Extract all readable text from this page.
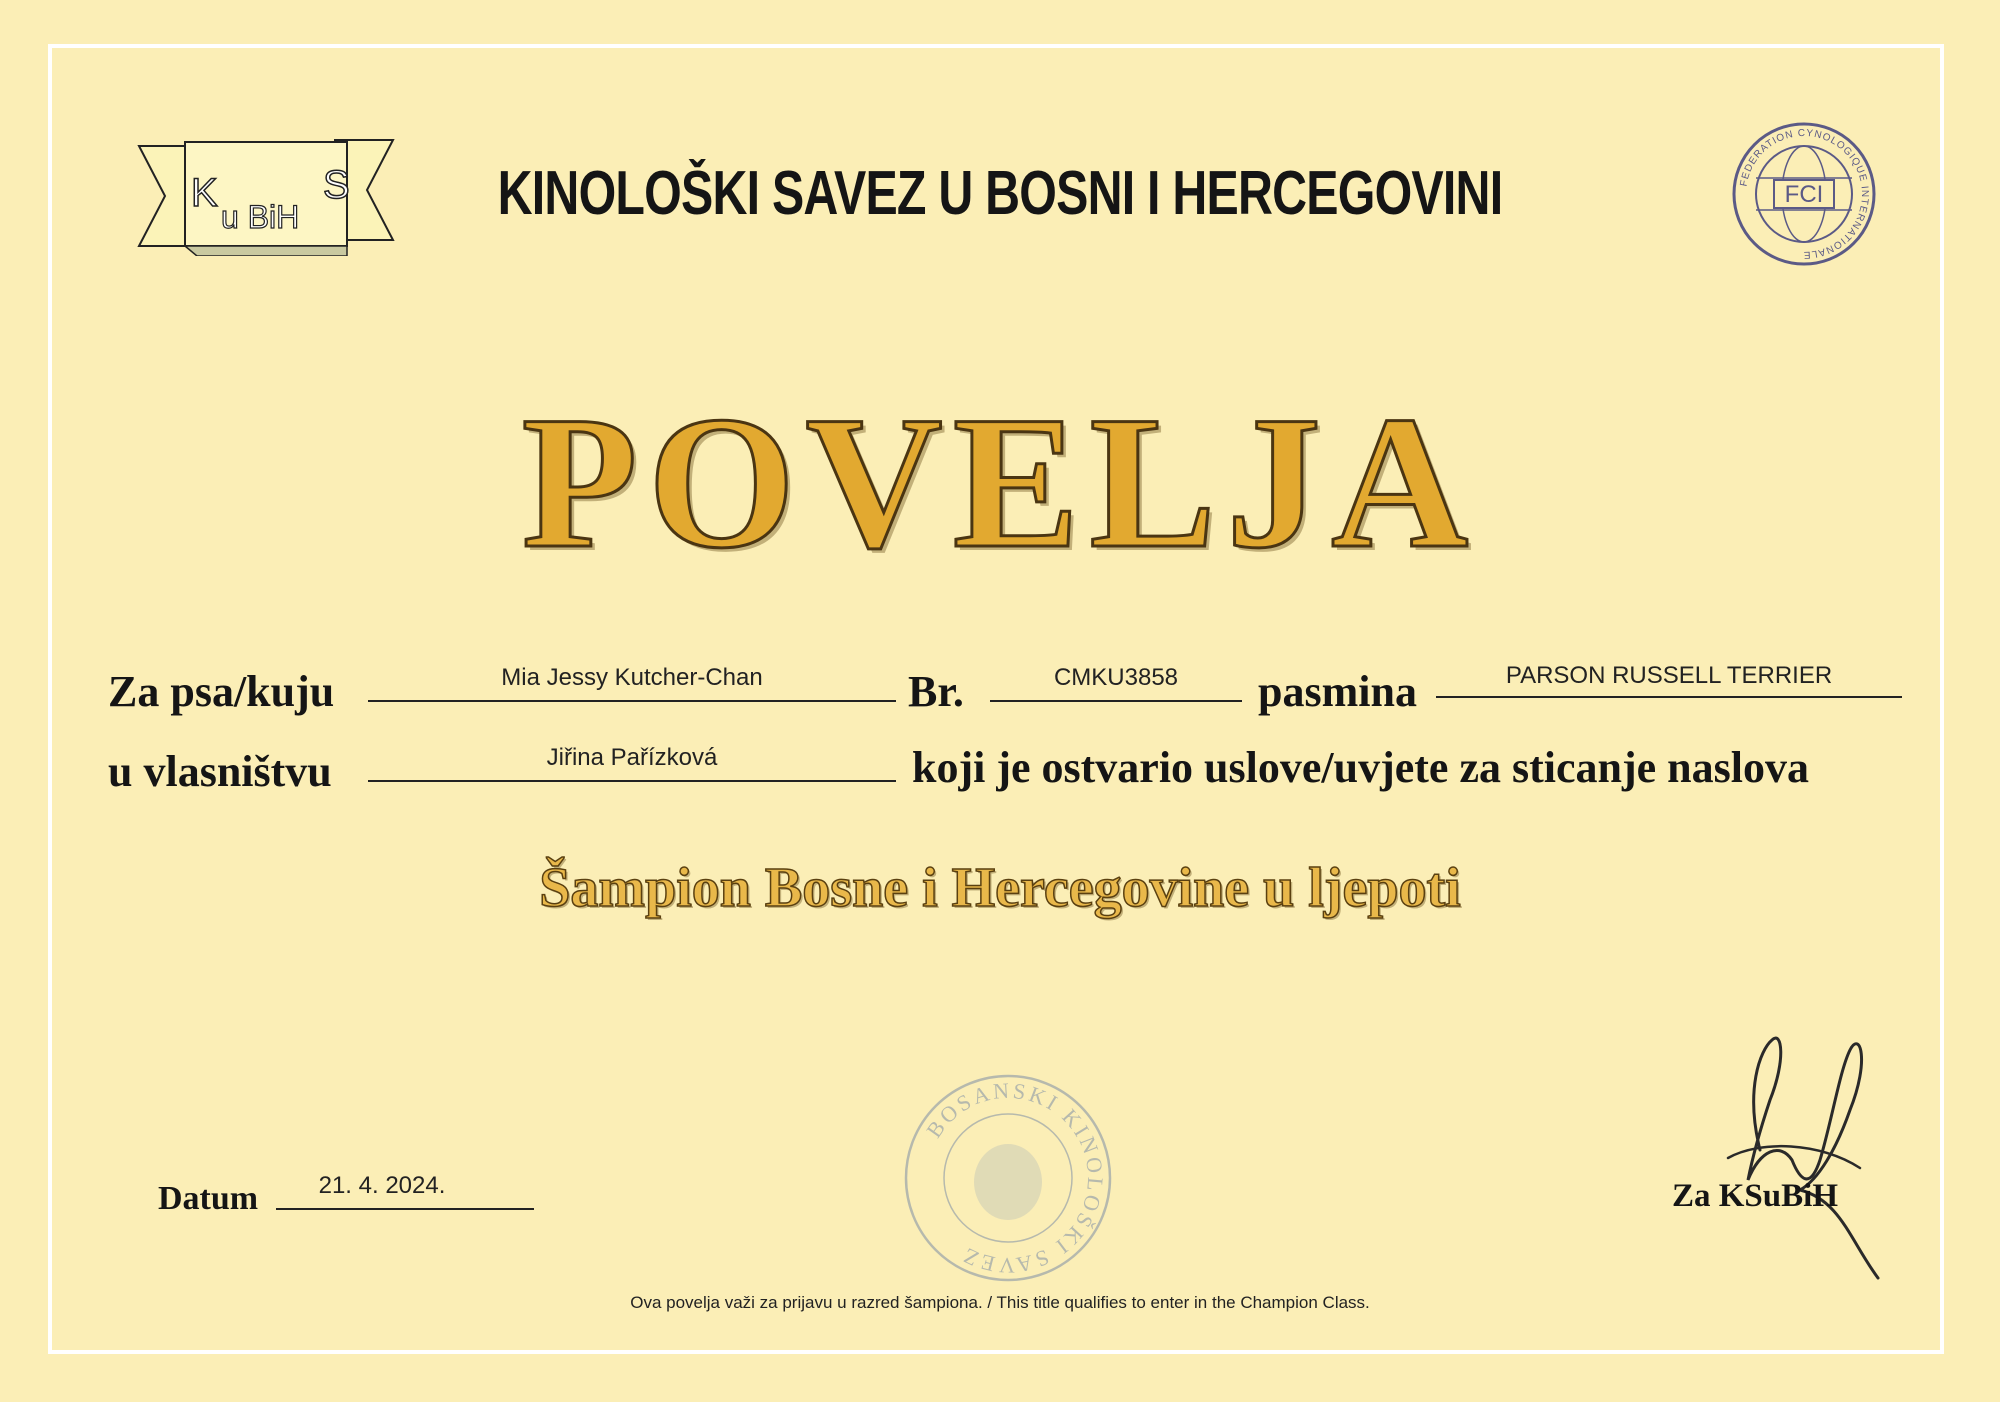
K
u BiH
S	KINOLOŠKI SAVEZ U BOSNI I HERCEGOVINI	FCI
FEDERATION CYNOLOGIQUE INTERNATIONALE
POVELJA
Za psa/kuju	Mia Jessy Kutcher-Chan	Br.	CMKU3858	pasmina	PARSON RUSSELL TERRIER
u vlasništvu	Jiřina Pařízková	koji je ostvario uslove/uvjete za sticanje naslova
Šampion Bosne i Hercegovine u ljepoti
Datum	21. 4. 2024.
BOSANSKI KINOLOŠKI SAVEZ
Za KSuBiH
Ova povelja važi za prijavu u razred šampiona. / This title qualifies to enter in the Champion Class.
